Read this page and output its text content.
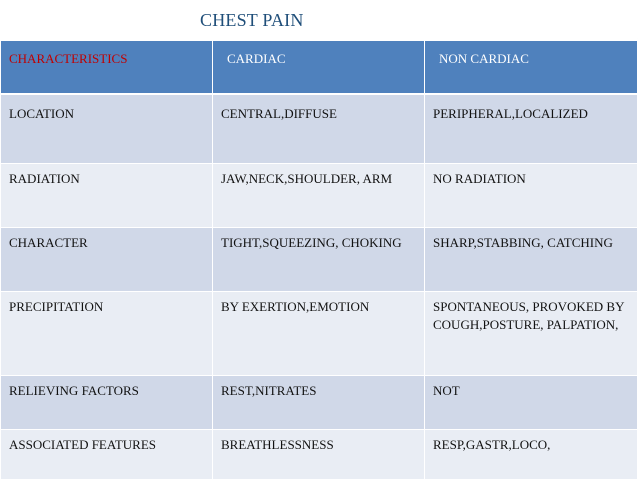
CHEST PAIN
CHARACTERISTICS	CARDIAC	NON CARDIAC
LOCATION	CENTRAL,DIFFUSE	PERIPHERAL,LOCALIZED
RADIATION	JAW,NECK,SHOULDER, ARM	NO RADIATION
CHARACTER	TIGHT,SQUEEZING, CHOKING	SHARP,STABBING, CATCHING
PRECIPITATION	BY EXERTION,EMOTION	SPONTANEOUS, PROVOKED BY COUGH,POSTURE, PALPATION,
RELIEVING FACTORS	REST,NITRATES	NOT
ASSOCIATED FEATURES	BREATHLESSNESS	RESP,GASTR,LOCO,
